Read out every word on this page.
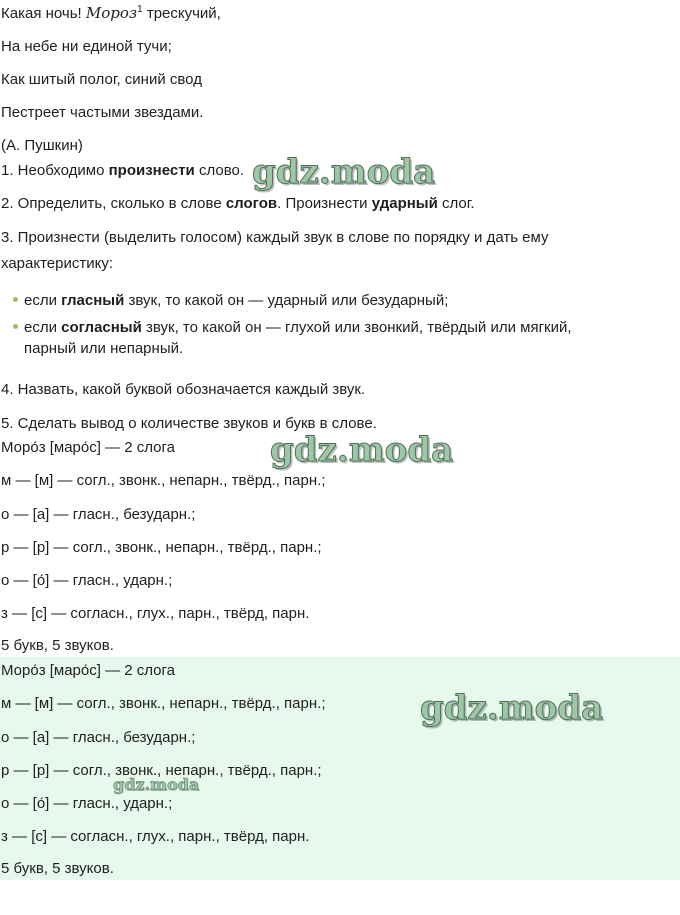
Какая ночь! Мороз$^1$ трескучий,
На небе ни единой тучи;
Как шитый полог, синий свод
Пестреет частыми звездами.
(А. Пушкин)
1. Необходимо произнести слово.
2. Определить, сколько в слове слогов. Произнести ударный слог.
3. Произнести (выделить голосом) каждый звук в слове по порядку и дать ему
характеристику:
если гласный звук, то какой он — ударный или безударный;
если согласный звук, то какой он — глухой или звонкий, твёрдый или мягкий,
парный или непарный.
4. Назвать, какой буквой обозначается каждый звук.
5. Сделать вывод о количестве звуков и букв в слове.
Моро́з [маро́с] — 2 слога
м — [м] — согл., звонк., непарн., твёрд., парн.;
о — [а] — гласн., безударн.;
р — [р] — согл., звонк., непарн., твёрд., парн.;
о — [о́] — гласн., ударн.;
з — [с] — согласн., глух., парн., твёрд, парн.
5 букв, 5 звуков.
Моро́з [маро́с] — 2 слога
м — [м] — согл., звонк., непарн., твёрд., парн.;
о — [а] — гласн., безударн.;
р — [р] — согл., звонк., непарн., твёрд., парн.;
о — [о́] — гласн., ударн.;
з — [с] — согласн., глух., парн., твёрд, парн.
5 букв, 5 звуков.
gdz.moda
gdz.moda
gdz.moda
gdz.moda
